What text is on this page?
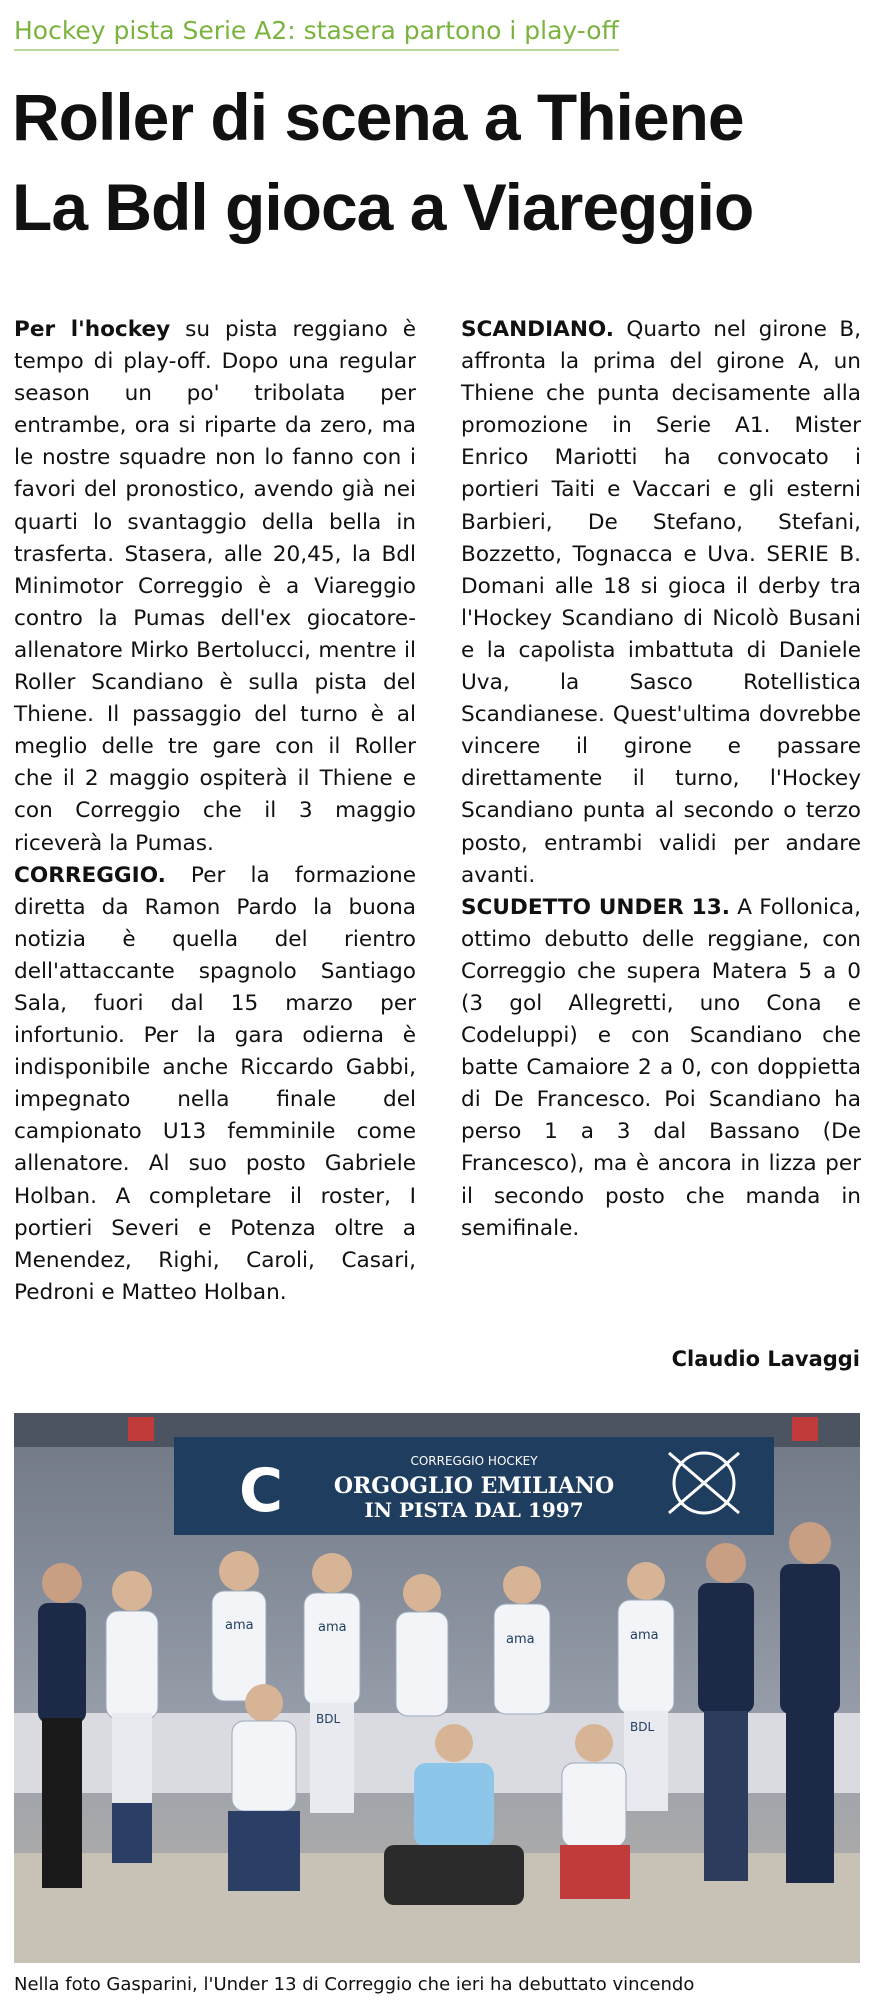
Hockey pista Serie A2: stasera partono i play-off
Roller di scena a Thiene
La Bdl gioca a Viareggio

Per l'hockey su pista reggiano è tempo di play-off. Dopo una regular season un po' tribolata per entrambe, ora si riparte da zero, ma le nostre squadre non lo fanno con i favori del pronostico, avendo già nei quarti lo svantaggio della bella in trasferta. Stasera, alle 20,45, la Bdl Minimotor Correggio è a Viareggio contro la Pumas dell'ex giocatore-allenatore Mirko Bertolucci, mentre il Roller Scandiano è sulla pista del Thiene. Il passaggio del turno è al meglio delle tre gare con il Roller che il 2 maggio ospiterà il Thiene e con Correggio che il 3 maggio riceverà la Pumas.

CORREGGIO. Per la formazione diretta da Ramon Pardo la buona notizia è quella del rientro dell'attaccante spagnolo Santiago Sala, fuori dal 15 marzo per infortunio. Per la gara odierna è indisponibile anche Riccardo Gabbi, impegnato nella finale del campionato U13 femminile come allenatore. Al suo posto Gabriele Holban. A completare il roster, I portieri Severi e Potenza oltre a Menendez, Righi, Caroli, Casari, Pedroni e Matteo Holban.

SCANDIANO. Quarto nel girone B, affronta la prima del girone A, un Thiene che punta decisamente alla promozione in Serie A1. Mister Enrico Mariotti ha convocato i portieri Taiti e Vaccari e gli esterni Barbieri, De Stefano, Stefani, Bozzetto, Tognacca e Uva. SERIE B. Domani alle 18 si gioca il derby tra l'Hockey Scandiano di Nicolò Busani e la capolista imbattuta di Daniele Uva, la Sasco Rotellistica Scandianese. Quest'ultima dovrebbe vincere il girone e passare direttamente il turno, l'Hockey Scandiano punta al secondo o terzo posto, entrambi validi per andare avanti.

SCUDETTO UNDER 13. A Follonica, ottimo debutto delle reggiane, con Correggio che supera Matera 5 a 0 (3 gol Allegretti, uno Cona e Codeluppi) e con Scandiano che batte Camaiore 2 a 0, con doppietta di De Francesco. Poi Scandiano ha perso 1 a 3 dal Bassano (De Francesco), ma è ancora in lizza per il secondo posto che manda in semifinale.

Claudio Lavaggi
C	CORREGGIO HOCKEY
ORGOGLIO EMILIANO
IN PISTA DAL 1997
ama	ama
BDL
ama	ama
BDL
Nella foto Gasparini, l'Under 13 di Correggio che ieri ha debuttato vincendo
